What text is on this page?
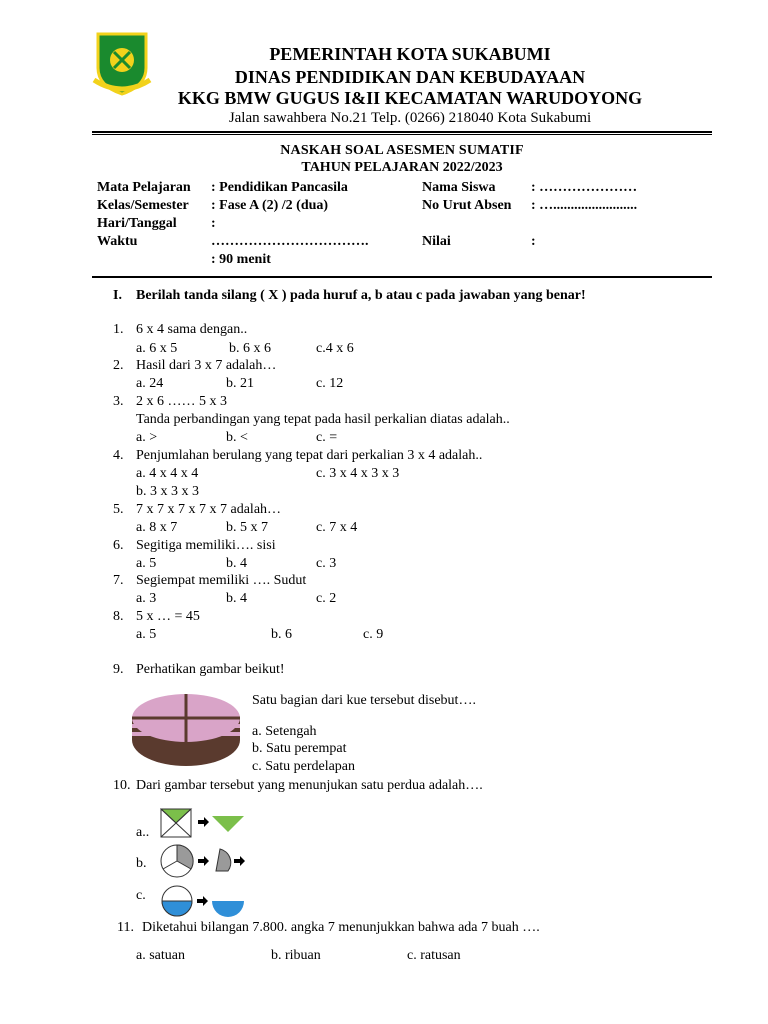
PEMERINTAH KOTA SUKABUMI
DINAS PENDIDIKAN DAN KEBUDAYAAN
KKG BMW GUGUS I&II KECAMATAN WARUDOYONG
Jalan sawahbera No.21 Telp. (0266) 218040 Kota Sukabumi
NASKAH SOAL ASESMEN SUMATIF
TAHUN PELAJARAN 2022/2023
Mata Pelajaran : Pendidikan Pancasila	Nama Siswa	: …………………
Kelas/Semester : Fase A (2) /2 (dua)	No Urut Absen : …........................
Hari/Tanggal :
Waktu	…………………………….	Nilai	:
: 90 menit
I. Berilah tanda silang ( X ) pada huruf a, b atau c pada jawaban yang benar!
1. 6 x 4 sama dengan..
a. 6 x 5	b. 6 x 6	c.4 x 6
2. Hasil dari 3 x 7 adalah…
a. 24	b. 21	c. 12
3. 2 x 6 …… 5 x 3
Tanda perbandingan yang tepat pada hasil perkalian diatas adalah..
a. >	b. <	c. =
4. Penjumlahan berulang yang tepat dari perkalian 3 x 4 adalah..
a. 4 x 4 x 4	c. 3 x 4 x 3 x 3
b. 3 x 3 x 3
5. 7 x 7 x 7 x 7 x 7 adalah…
a. 8 x 7	b. 5 x 7	c. 7 x 4
6. Segitiga memiliki…. sisi
a. 5	b. 4	c. 3
7. Segiempat memiliki …. Sudut
a. 3	b. 4	c. 2
8. 5 x … = 45
a. 5	b. 6	c. 9
9. Perhatikan gambar beikut!
Satu bagian dari kue tersebut disebut….
a. Setengah
b. Satu perempat
c. Satu perdelapan
10. Dari gambar tersebut yang menunjukan satu perdua adalah….
a..
b.
c.
11. Diketahui bilangan 7.800. angka 7 menunjukkan bahwa ada 7 buah ….
a. satuan	b. ribuan	c. ratusan
